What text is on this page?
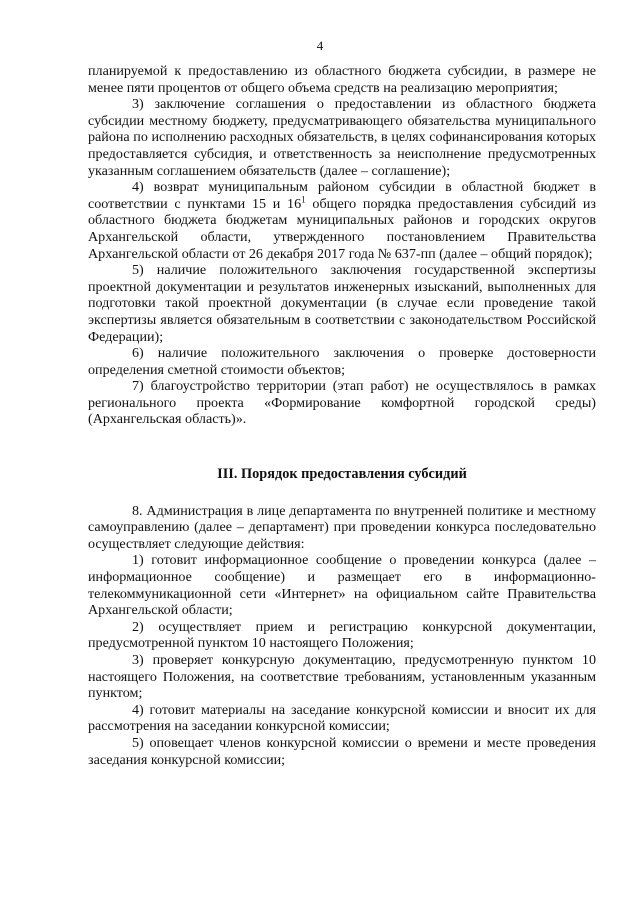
4

планируемой к предоставлению из областного бюджета субсидии, в размере не менее пяти процентов от общего объема средств на реализацию мероприятия;

3) заключение соглашения о предоставлении из областного бюджета субсидии местному бюджету, предусматривающего обязательства муниципального района по исполнению расходных обязательств, в целях софинансирования которых предоставляется субсидия, и ответственность за неисполнение предусмотренных указанным соглашением обязательств (далее – соглашение);

4) возврат муниципальным районом субсидии в областной бюджет в соответствии с пунктами 15 и $16^1$ общего порядка предоставления субсидий из областного бюджета бюджетам муниципальных районов и городских округов Архангельской области, утвержденного постановлением Правительства Архангельской области от 26 декабря 2017 года № 637-пп (далее – общий порядок);

5) наличие положительного заключения государственной экспертизы проектной документации и результатов инженерных изысканий, выполненных для подготовки такой проектной документации (в случае если проведение такой экспертизы является обязательным в соответствии с законодательством Российской Федерации);

6) наличие положительного заключения о проверке достоверности определения сметной стоимости объектов;

7) благоустройство территории (этап работ) не осуществлялось в рамках регионального проекта «Формирование комфортной городской среды) (Архангельская область)».

III. Порядок предоставления субсидий

8. Администрация в лице департамента по внутренней политике и местному самоуправлению (далее – департамент) при проведении конкурса последовательно осуществляет следующие действия:

1) готовит информационное сообщение о проведении конкурса (далее – информационное сообщение) и размещает его в информационно-телекоммуникационной сети «Интернет» на официальном сайте Правительства Архангельской области;

2) осуществляет прием и регистрацию конкурсной документации, предусмотренной пунктом 10 настоящего Положения;

3) проверяет конкурсную документацию, предусмотренную пунктом 10 настоящего Положения, на соответствие требованиям, установленным указанным пунктом;

4) готовит материалы на заседание конкурсной комиссии и вносит их для рассмотрения на заседании конкурсной комиссии;

5) оповещает членов конкурсной комиссии о времени и месте проведения заседания конкурсной комиссии;
